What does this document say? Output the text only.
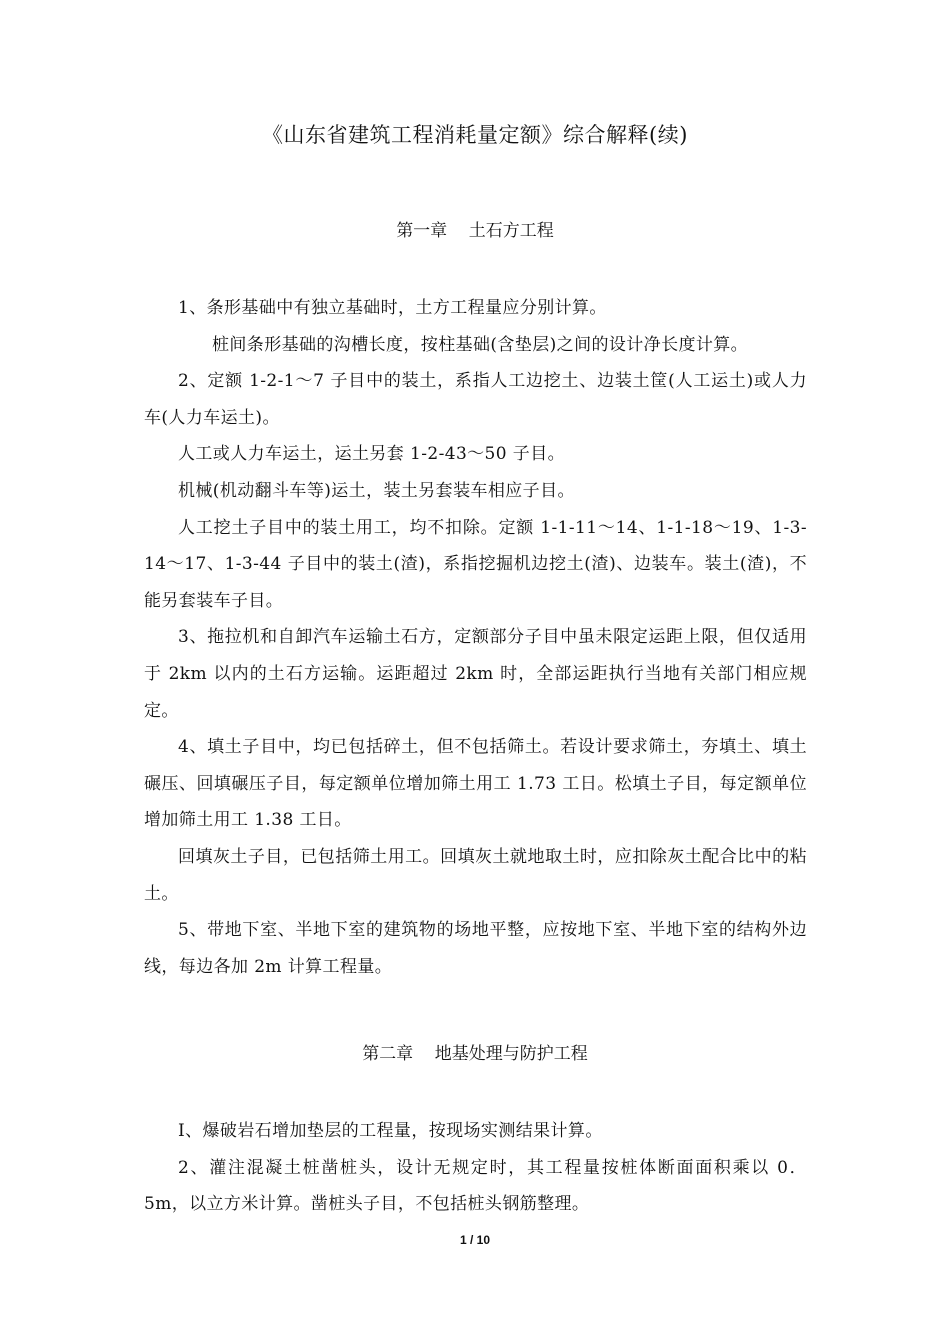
《山东省建筑工程消耗量定额》综合解释(续)
第一章    土石方工程

1、条形基础中有独立基础时，土方工程量应分别计算。

桩间条形基础的沟槽长度，按柱基础(含垫层)之间的设计净长度计算。

2、定额 1-2-1～7 子目中的装土，系指人工边挖土、边装土筐(人工运土)或人力车(人力车运土)。

人工或人力车运土，运土另套 1-2-43～50 子目。

机械(机动翻斗车等)运土，装土另套装车相应子目。

人工挖土子目中的装土用工，均不扣除。定额 1-1-11～14、1-1-18～19、1-3-14～17、1-3-44 子目中的装土(渣)，系指挖掘机边挖土(渣)、边装车。装土(渣)，不能另套装车子目。

3、拖拉机和自卸汽车运输土石方，定额部分子目中虽未限定运距上限，但仅适用于 2km 以内的土石方运输。运距超过 2km 时，全部运距执行当地有关部门相应规定。

4、填土子目中，均已包括碎土，但不包括筛土。若设计要求筛土，夯填土、填土碾压、回填碾压子目，每定额单位增加筛土用工 1.73 工日。松填土子目，每定额单位增加筛土用工 1.38 工日。

回填灰土子目，已包括筛土用工。回填灰土就地取土时，应扣除灰土配合比中的粘土。

5、带地下室、半地下室的建筑物的场地平整，应按地下室、半地下室的结构外边线，每边各加 2m 计算工程量。

第二章    地基处理与防护工程

I、爆破岩石增加垫层的工程量，按现场实测结果计算。

2、灌注混凝土桩凿桩头，设计无规定时，其工程量按桩体断面面积乘以 0．5m，以立方米计算。凿桩头子目，不包括桩头钢筋整理。

1 / 10
